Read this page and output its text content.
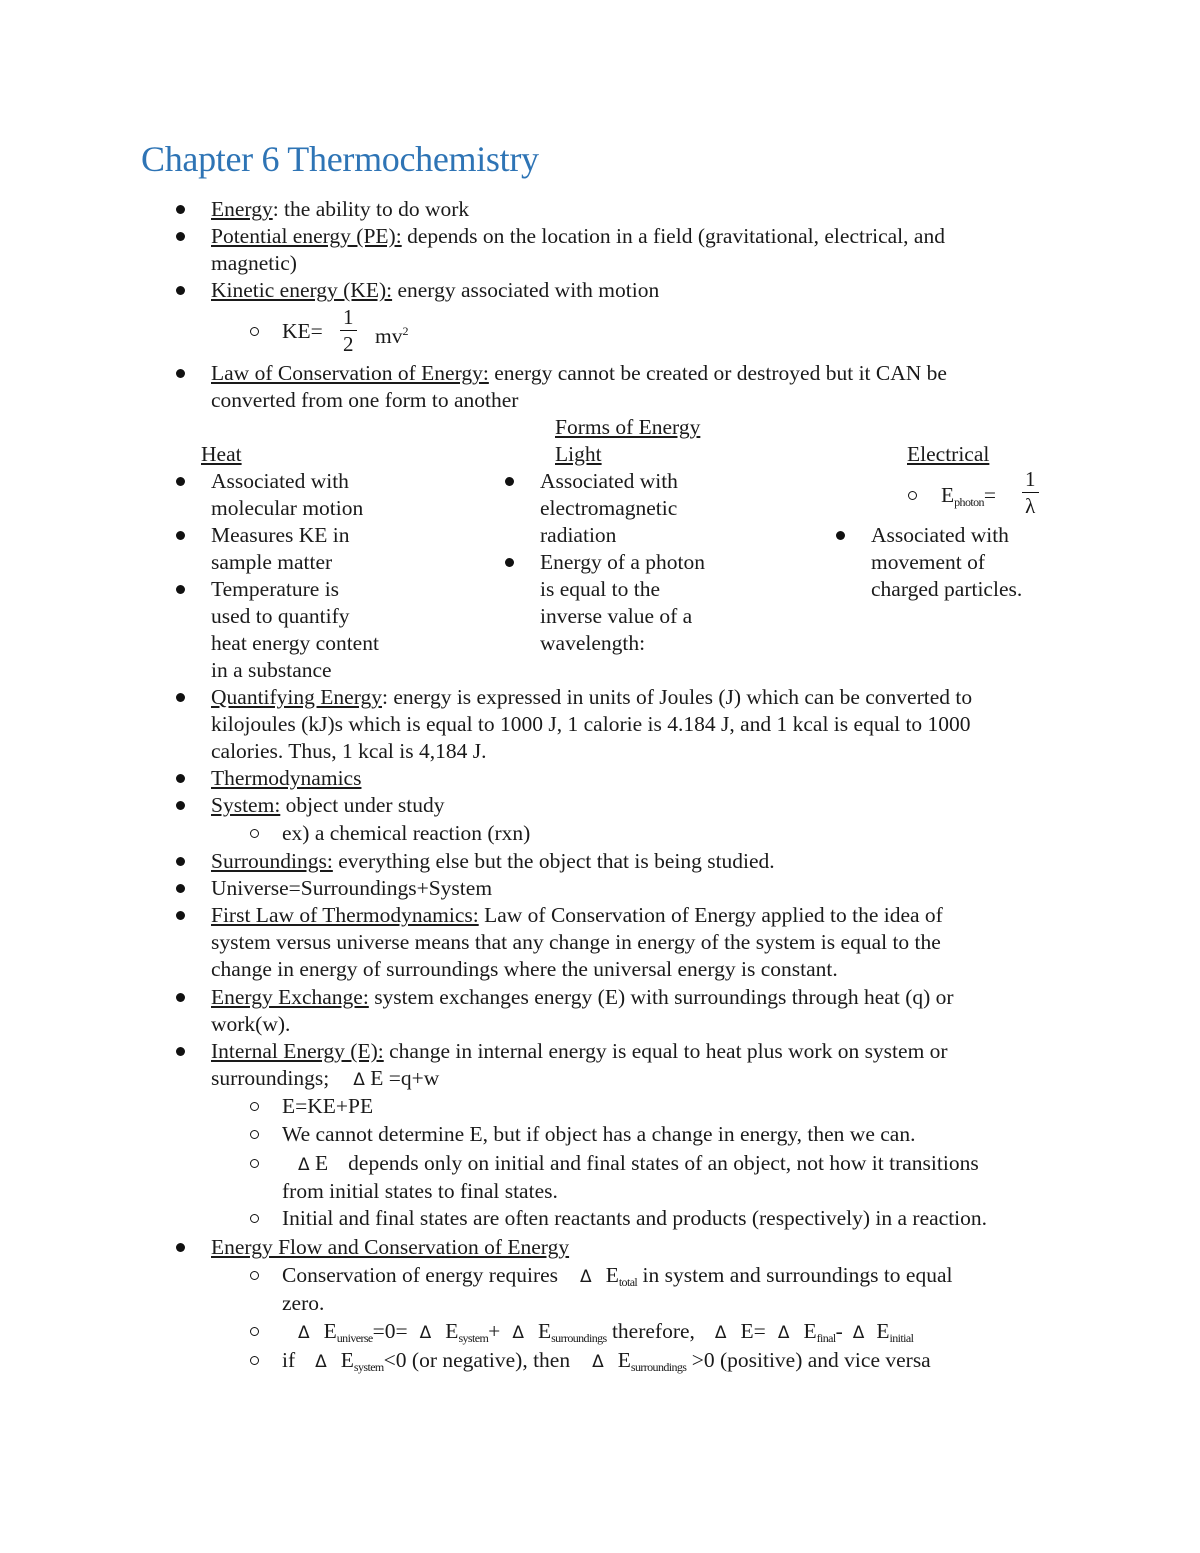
Chapter 6 Thermochemistry
Energy: the ability to do work
Potential energy (PE): depends on the location in a field (gravitational, electrical, and
magnetic)
Kinetic energy (KE): energy associated with motion
KE=
1
2 $mv^2$
Law of Conservation of Energy: energy cannot be created or destroyed but it CAN be
converted from one form to another
Forms of Energy
Heat
Associated with
molecular motion
Measures KE in
sample matter
Temperature is
used to quantify
heat energy content
in a substance
Light
Associated with
electromagnetic
radiation
Energy of a photon
is equal to the
inverse value of a
wavelength:
Electrical
$E_{photon}=$
1
λ
Associated with
movement of
charged particles.
Quantifying Energy: energy is expressed in units of Joules (J) which can be converted to
kilojoules (kJ)s which is equal to 1000 J, 1 calorie is 4.184 J, and 1 kcal is equal to 1000
calories. Thus, 1 kcal is 4,184 J.
Thermodynamics
System: object under study
ex) a chemical reaction (rxn)
Surroundings: everything else but the object that is being studied.
Universe=Surroundings+System
First Law of Thermodynamics: Law of Conservation of Energy applied to the idea of
system versus universe means that any change in energy of the system is equal to the
change in energy of surroundings where the universal energy is constant.
Energy Exchange: system exchanges energy (E) with surroundings through heat (q) or
work(w).
Internal Energy (E): change in internal energy is equal to heat plus work on system or
surroundings; Δ E =q+w
E=KE+PE
We cannot determine E, but if object has a change in energy, then we can.
Δ E depends only on initial and final states of an object, not how it transitions
from initial states to final states.
Initial and final states are often reactants and products (respectively) in a reaction.
Energy Flow and Conservation of Energy
Conservation of energy requires Δ $E_{total}$ in system and surroundings to equal
zero.
Δ $E_{universe}=0= \Delta$ $E_{system}+ \Delta$ $E_{surroundings}$ therefore, Δ E= Δ $E_{final}-$ Δ $E_{initial}$
if Δ $E_{system}<0$ (or negative), then Δ $E_{surroundings} >0$ (positive) and vice versa
